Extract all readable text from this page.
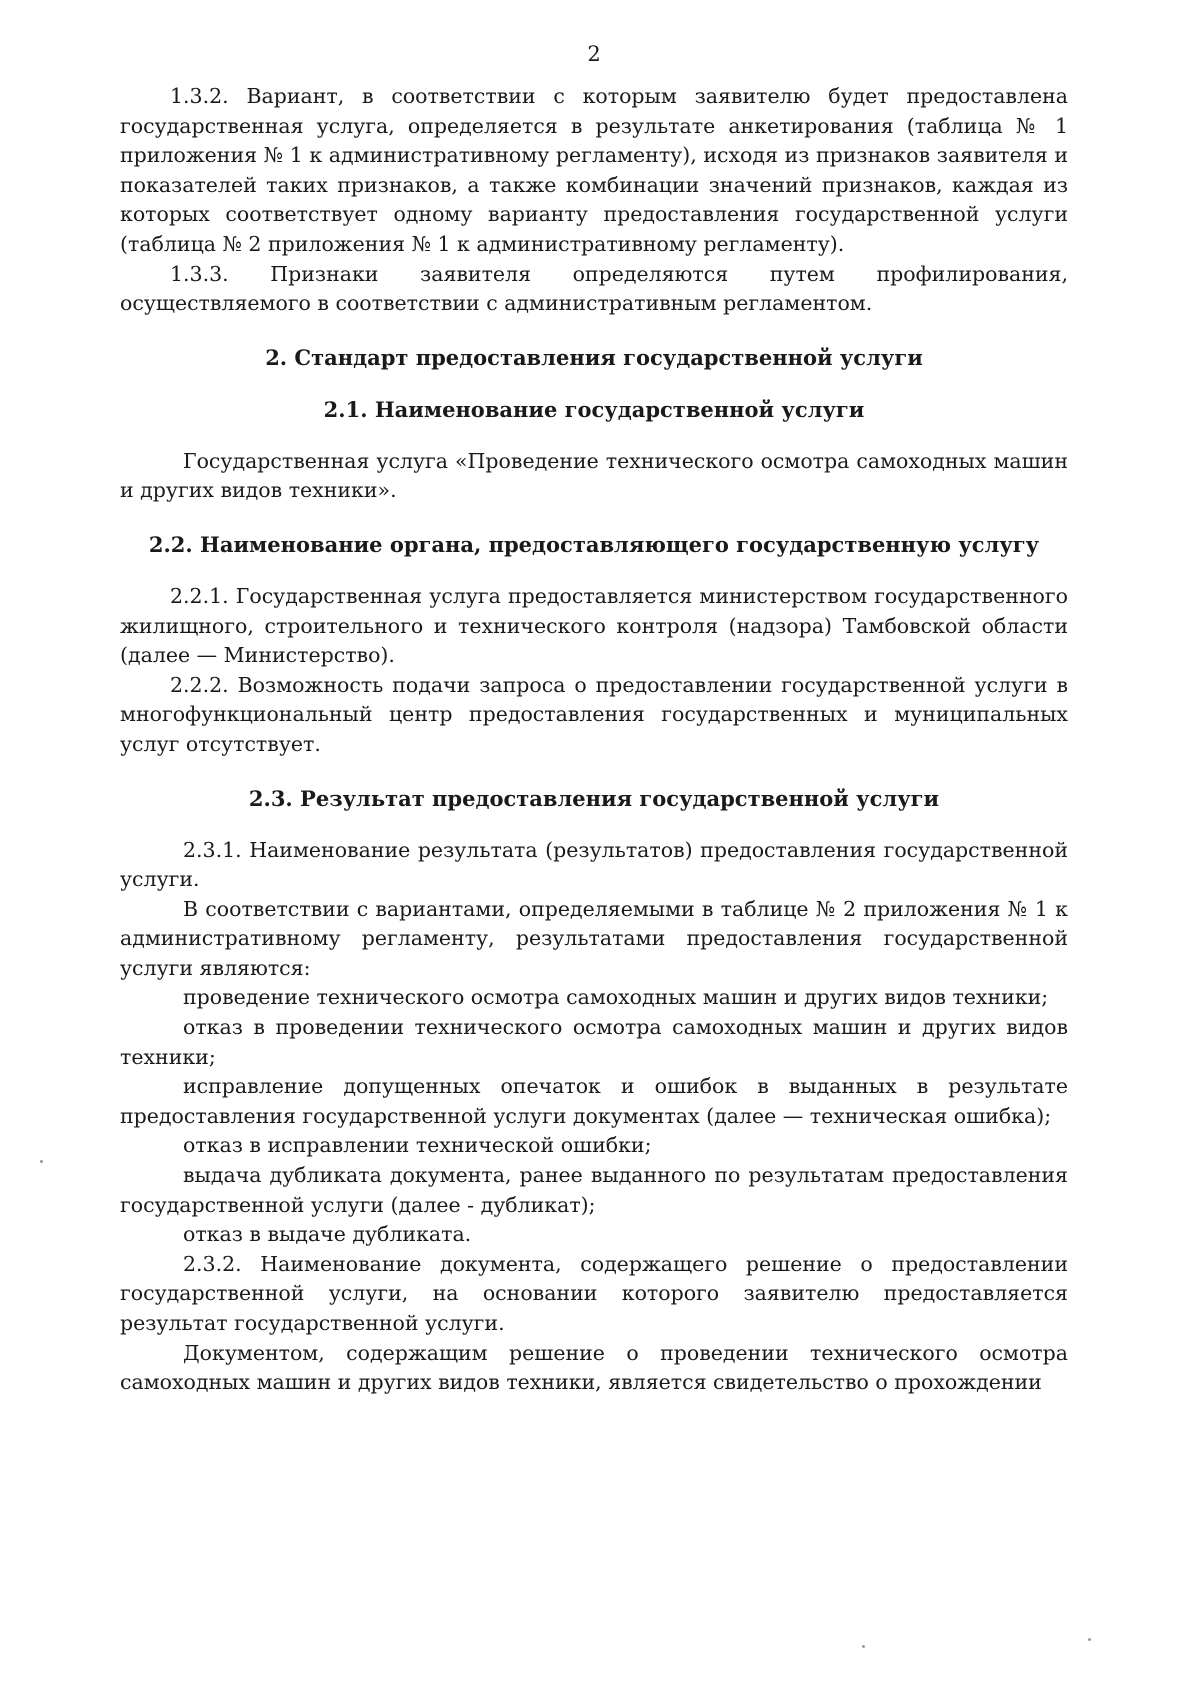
2

1.3.2. Вариант, в соответствии с которым заявителю будет предоставлена государственная услуга, определяется в результате анкетирования (таблица № 1 приложения № 1 к административному регламенту), исходя из признаков заявителя и показателей таких признаков, а также комбинации значений признаков, каждая из которых соответствует одному варианту предоставления государственной услуги (таблица № 2 приложения № 1 к административному регламенту).

1.3.3. Признаки заявителя определяются путем профилирования, осуществляемого в соответствии с административным регламентом.

2. Стандарт предоставления государственной услуги
2.1. Наименование государственной услуги

Государственная услуга «Проведение технического осмотра самоходных машин и других видов техники».

2.2. Наименование органа, предоставляющего государственную услугу

2.2.1. Государственная услуга предоставляется министерством государственного жилищного, строительного и технического контроля (надзора) Тамбовской области (далее — Министерство).

2.2.2. Возможность подачи запроса о предоставлении государственной услуги в многофункциональный центр предоставления государственных и муниципальных услуг отсутствует.

2.3. Результат предоставления государственной услуги

2.3.1. Наименование результата (результатов) предоставления государственной услуги.

В соответствии с вариантами, определяемыми в таблице № 2 приложения № 1 к административному регламенту, результатами предоставления государственной услуги являются:

проведение технического осмотра самоходных машин и других видов техники;

отказ в проведении технического осмотра самоходных машин и других видов техники;

исправление допущенных опечаток и ошибок в выданных в результате предоставления государственной услуги документах (далее — техническая ошибка);

отказ в исправлении технической ошибки;

выдача дубликата документа, ранее выданного по результатам предоставления государственной услуги (далее - дубликат);

отказ в выдаче дубликата.

2.3.2. Наименование документа, содержащего решение о предоставлении государственной услуги, на основании которого заявителю предоставляется результат государственной услуги.

Документом, содержащим решение о проведении технического осмотра самоходных машин и других видов техники, является свидетельство о прохождении
